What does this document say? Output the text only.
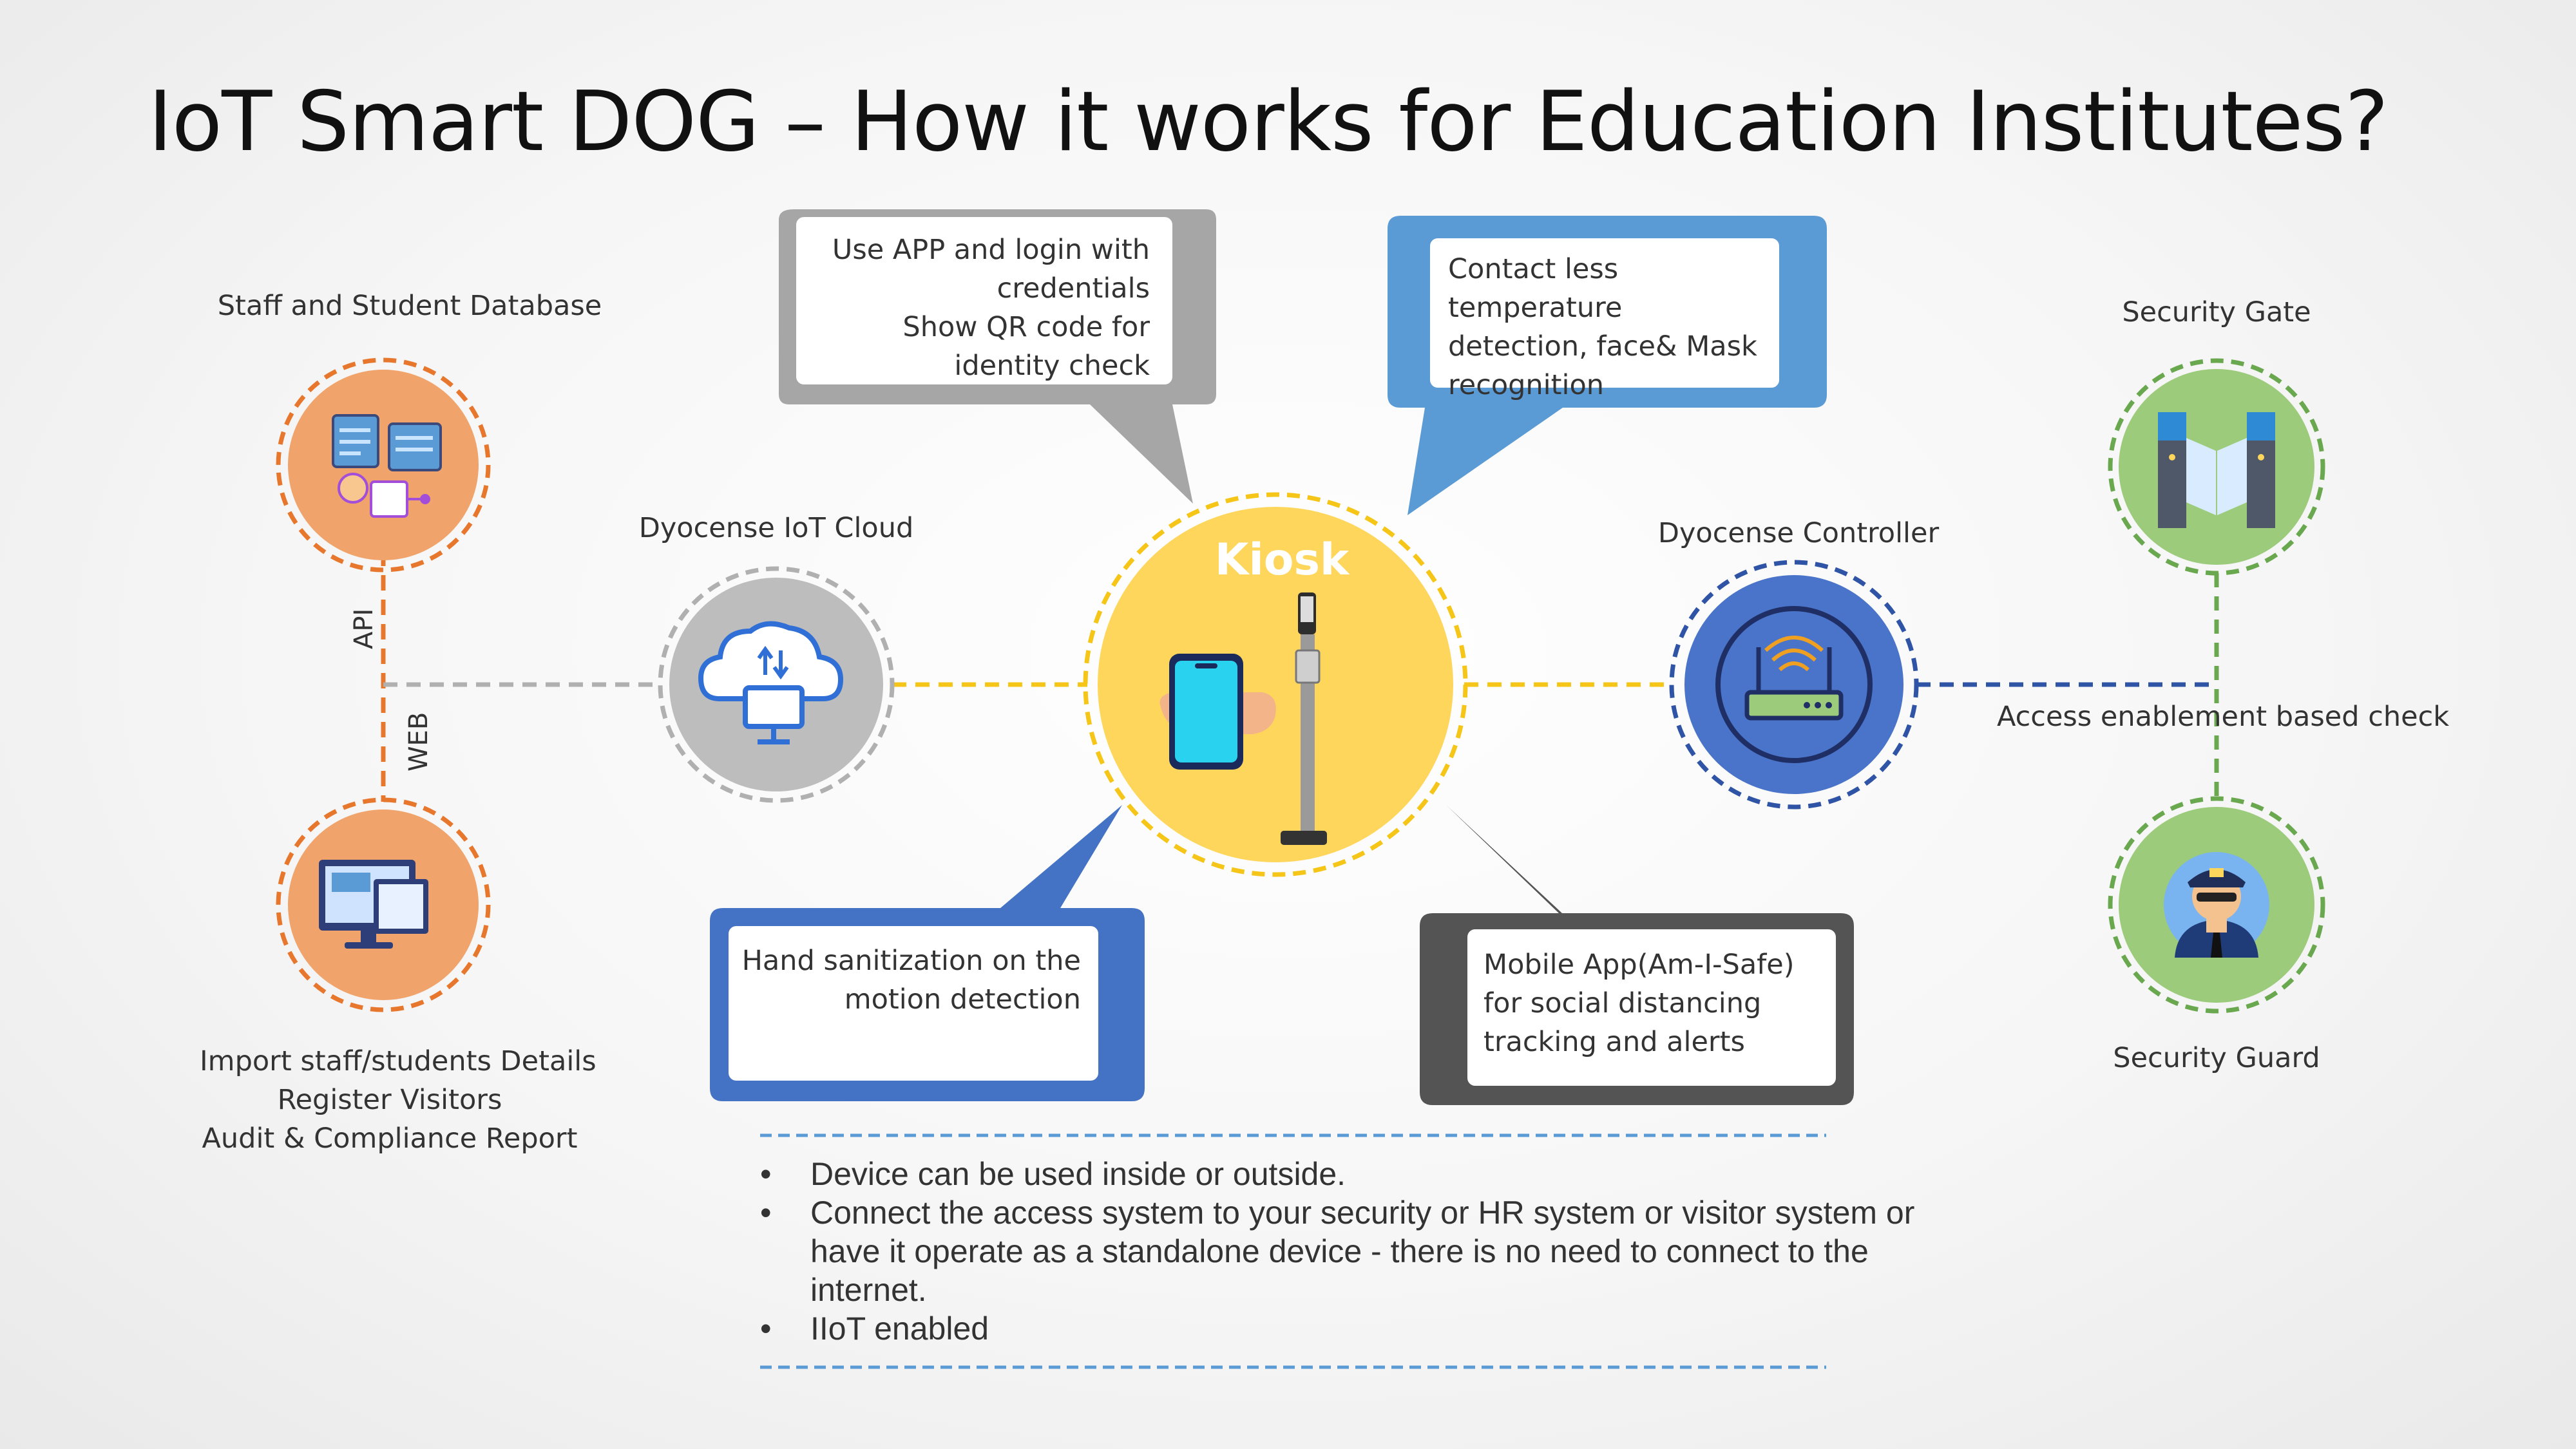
IoT Smart DOG – How it works for Education Institutes?
Staff and Student Database
Import staff/students Details
Register Visitors
Audit & Compliance Report
Dyocense IoT Cloud
Kiosk
Dyocense Controller
Security Gate
Security Guard
API
WEB	Access enablement based check
Use APP and login with
credentials
Show QR code for
identity check
Contact less temperature
detection, face& Mask
recognition
Hand sanitization on the
motion detection
Mobile App(Am-I-Safe)
for social distancing
tracking and alerts
• Device can be used inside or outside.
• Connect the access system to your security or HR system or visitor system or have it operate as a standalone device - there is no need to connect to the internet.
• IIoT enabled
